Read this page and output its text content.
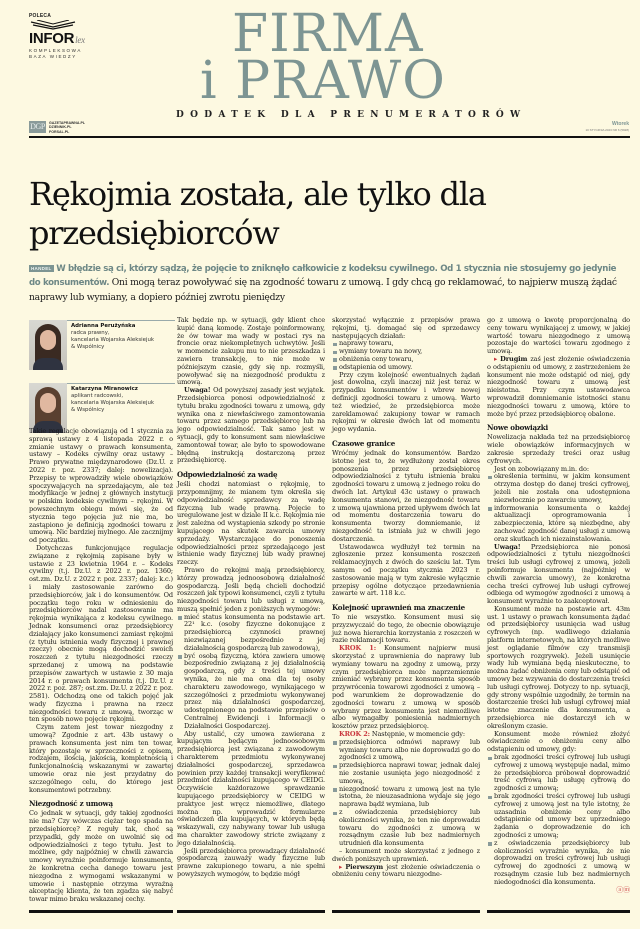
POLECA
INFORlex
KOMPLEKSOWA
BAZA WIEDZY
DGP	GAZETAPRAWNA.PL
DZIENNIK.PL
FORSAL.PL
FIRMA
i PRAWO
DODATEK DLA PRENUMERATORÓW
Wtorek
10 STYCZNIA 2023 NR 6 (5928)
Rękojmia została, ale tylko dla przedsiębiorców
HANDEL W błędzie są ci, którzy sądzą, że pojęcie to zniknęło całkowicie z kodeksu cywilnego. Od 1 stycznia nie stosujemy go jedynie do konsumentów. Oni mogą teraz powoływać się na zgodność towaru z umową. I gdy chcą go reklamować, to najpierw muszą żądać naprawy lub wymiany, a dopiero później zwrotu pieniędzy
Adrianna Perużyńska
radca prawny,
kancelaria Wojarska Aleksiejuk
& Wspólnicy
Katarzyna Miranowicz
aplikant radcowski,
kancelaria Wojarska Aleksiejuk
& Wspólnicy

Takie regulacje obowiązują od 1 stycznia za sprawą ustawy z 4 listopada 2022 r. o zmianie ustawy o prawach konsumenta, ustawy – Kodeks cywilny oraz ustawy – Prawo prywatne międzynarodowe (Dz.U. z 2022 r. poz. 2337; dalej: nowelizacja). Przepisy te wprowadziły wiele obowiązków spoczywających na sprzedającym, ale też modyfikacje w jednej z głównych instytucji w polskim kodeksie cywilnym – rękojmi. W powszechnym obiegu mówi się, że od stycznia tego pojęcia już nie ma, bo zastąpiono je definicją zgodności towaru z umową. Nic bardziej mylnego. Ale zacznijmy od początku.

Dotychczas funkcjonujące regulacje związane z rękojmią zapisane były w ustawie z 23 kwietnia 1964 r. – Kodeks cywilny (t.j. Dz.U. z 2022 r. poz. 1360; ost.zm. Dz.U. z 2022 r. poz. 2337; dalej: k.c.) i miały zastosowanie zarówno do przedsiębiorców, jak i do konsumentów. Od początku tego roku w odniesieniu do przedsiębiorców nadal zastosowanie ma rękojmia wynikająca z kodeksu cywilnego. Jednak konsumenci oraz przedsiębiorcy działający jako konsumenci zamiast rękojmi (z tytułu istnienia wady fizycznej i prawnej rzeczy) obecnie mogą dochodzić swoich roszczeń z tytułu niezgodności rzeczy sprzedanej z umową na podstawie przepisów zawartych w ustawie z 30 maja 2014 r. o prawach konsumenta (t.j. Dz.U. z 2022 r. poz. 287; ost.zm. Dz.U. z 2022 r. poz. 2581). Odchodzą one od takich pojęć jak wady fizyczna i prawna na rzecz niezgodności towaru z umową, tworząc w ten sposób nowe pojęcie rękojmi.

Czym zatem jest towar niezgodny z umową? Zgodnie z art. 43b ustawy o prawach konsumenta jest nim ten towar, który pozostaje w sprzeczności z opisem, rodzajem, ilością, jakością, kompletnością i funkcjonalnością wskazanymi w zawartej umowie oraz nie jest przydatny do szczególnego celu, do którego jest konsumentowi potrzebny.

Niezgodność z umową

Co jednak w sytuacji, gdy takiej zgodności nie ma? Czy wówczas ciężar tego spada na przedsiębiorcę? Z reguły tak, choć są przypadki, gdy może on uwolnić się od odpowiedzialności z tego tytułu. Jest to możliwe, gdy najpóźniej w chwili zawarcia umowy wyraźnie poinformuje konsumenta, że konkretna cecha danego towaru jest niezgodna z wymogami wskazanymi w umowie i następnie otrzyma wyraźną akceptację klienta, że ten zgadza się nabyć towar mimo braku wskazanej cechy.

Tak będzie np. w sytuacji, gdy klient chce kupić daną komodę. Zostaje poinformowany, że ów towar ma wady w postaci rys na froncie oraz niekompletnych uchwytów. Jeśli w momencie zakupu mu to nie przeszkadza i zawiera transakcję, to nie może w późniejszym czasie, gdy się np. rozmyśli, powoływać się na niezgodność produktu z umową.

Uwaga! Od powyższej zasady jest wyjątek. Przedsiębiorca ponosi odpowiedzialność z tytułu braku zgodności towaru z umową, gdy wynika ona z niewłaściwego zamontowania towaru przez samego przedsiębiorcę lub na jego odpowiedzialność. Tak samo jest w sytuacji, gdy to konsument sam niewłaściwe zamontował towar, ale było to spowodowane błędną instrukcją dostarczoną przez przedsiębiorcę.

Odpowiedzialność za wadę

Jeśli chodzi natomiast o rękojmię, to przypomnijmy, że mianem tym określa się odpowiedzialność sprzedawcy za wadę fizyczną lub wadę prawną. Pojęcie to uregulowane jest w dziale II k.c. Rękojmia nie jest zależna od wystąpienia szkody po stronie kupującego na skutek zawarcia umowy sprzedaży. Wystarczające do ponoszenia odpowiedzialności przez sprzedającego jest istnienie wady fizycznej lub wady prawnej rzeczy.

Prawo do rękojmi mają przedsiębiorcy, którzy prowadzą jednoosobową działalność gospodarczą. Jeśli będą chcieli dochodzić roszczeń jak typowi konsumenci, czyli z tytułu niezgodności towaru lub usługi z umową, muszą spełnić jeden z poniższych wymogów:

mieć status konsumenta na podstawie art. 22¹ k.c. (osoby fizyczne dokonujące z przedsiębiorcą czynności prawnej niezwiązanej bezpośrednio z jej działalnością gospodarczą lub zawodową),
być osobą fizyczną, która zawiera umowę bezpośrednio związaną z jej działalnością gospodarczą, gdy z treści tej umowy wynika, że nie ma ona dla tej osoby charakteru zawodowego, wynikającego w szczególności z przedmiotu wykonywanej przez nią działalności gospodarczej, udostępnionego na podstawie przepisów o Centralnej Ewidencji i Informacji o Działalności Gospodarczej.

Aby ustalić, czy umowa zawierana z kupującym będącym jednoosobowym przedsiębiorcą jest związana z zawodowym charakterem przedmiotu wykonywanej działalności gospodarczej, sprzedawca powinien przy każdej transakcji weryfikować przedmiot działalności kupującego w CEIDG. Oczywiście każdorazowe sprawdzanie kupującego przedsiębiorcy w CEIDG w praktyce jest wręcz niemożliwe, dlatego można np. wprowadzić formularze oświadczeń dla kupujących, w których będą wskazywali, czy nabywany towar lub usługa ma charakter zawodowy stricte związany z jego działalnością.

Jeśli przedsiębiorca prowadzący działalność gospodarczą zauważy wady fizyczne lub prawne zakupionego towaru, a nie spełni powyższych wymogów, to będzie mógł

skorzystać wyłącznie z przepisów prawa rękojmi, tj. domagać się od sprzedawcy następujących działań:

naprawy towaru,
wymiany towaru na nowy,
obniżenia ceny towaru,
odstąpienia od umowy.

Przy czym kolejność ewentualnych żądań jest dowolna, czyli inaczej niż jest teraz w przypadku konsumentów i wbrew nowej definicji zgodności towaru z umową. Warto też wiedzieć, że przedsiębiorca może zareklamować zakupiony towar w ramach rękojmi w okresie dwóch lat od momentu jego wydania.

Czasowe granice

Wróćmy jednak do konsumentów. Bardzo istotne jest to, że wydłużony został okres ponoszenia przez przedsiębiorcę odpowiedzialności z tytułu istnienia braku zgodności towaru z umową z jednego roku do dwóch lat. Artykuł 43c ustawy o prawach konsumenta stanowi, że niezgodność towaru z umową ujawniona przed upływem dwóch lat od momentu dostarczenia towaru do konsumenta tworzy domniemanie, iż niezgodność ta istniała już w chwili jego dostarczenia.

Ustawodawca wydłużył też termin na zgłoszenie przez konsumenta roszczeń reklamacyjnych z dwóch do sześciu lat. Tym samym od początku stycznia 2023 r. zastosowanie mają w tym zakresie wyłącznie przepisy ogólne dotyczące przedawnienia zawarte w art. 118 k.c.

Kolejność uprawnień ma znaczenie

To nie wszystko. Konsument musi się przyzwyczaić do tego, że obecnie obowiązuje już nowa hierarchia korzystania z roszczeń w razie reklamacji towaru.

KROK 1: Konsument najpierw musi skorzystać z uprawnienia do naprawy lub wymiany towaru na zgodny z umową, przy czym przedsiębiorca może naprzemiennie zmieniać wybrany przez konsumenta sposób przywrócenia towarowi zgodności z umową – pod warunkiem że doprowadzenie do zgodności towaru z umową w sposób wybrany przez konsumenta jest niemożliwe albo wymagałby poniesienia nadmiernych kosztów przez przedsiębiorcę.

KROK 2: Następnie, w momencie gdy:

przedsiębiorca odmówi naprawy lub wymiany towaru albo nie doprowadzi go do zgodności z umową,
przedsiębiorca naprawi towar, jednak dalej nie zostanie usunięta jego niezgodność z umową,
niezgodność towaru z umową jest na tyle istotna, że nieuzasadniona wydaje się jego naprawa bądź wymiana, lub
z oświadczenia przedsiębiorcy lub okoliczności wynika, że ten nie doprowadzi towaru do zgodności z umową w rozsądnym czasie lub bez nadmiernych utrudnień dla konsumenta

– konsument może skorzystać z jednego z dwóch poniższych uprawnień.

▸ Pierwszym jest złożenie oświadczenia o obniżeniu ceny towaru niezgodne-

go z umową o kwotę proporcjonalną do ceny towaru wynikającej z umowy, w jakiej wartość towaru niezgodnego z umową pozostaje do wartości towaru zgodnego z umową.

▸ Drugim zaś jest złożenie oświadczenia o odstąpieniu od umowy, z zastrzeżeniem że konsument nie może odstąpić od niej, gdy niezgodność towaru z umową jest nieistotna. Przy czym ustawodawca wprowadził domniemanie istotności stanu niezgodności towaru z umową, które to może być przez przedsiębiorcę obalone.

Nowe obowiązki

Nowelizacja nakłada też na przedsiębiorcę wiele obowiązków informacyjnych w zakresie sprzedaży treści oraz usług cyfrowych.

Jest on zobowiązany m.in. do:

określenia terminu, w jakim konsument otrzyma dostęp do danej treści cyfrowej, jeżeli nie została ona udostępniona niezwłocznie po zawarciu umowy,
informowania konsumenta o każdej aktualizacji oprogramowania i zabezpieczenia, które są niezbędne, aby zachować zgodność danej usługi z umową oraz skutkach ich niezainstalowania.

Uwaga! Przedsiębiorca nie ponosi odpowiedzialności z tytułu niezgodności treści lub usługi cyfrowej z umową, jeżeli poinformuje konsumenta (najpóźniej w chwili zawarcia umowy), że konkretna cecha treści cyfrowej lub usługi cyfrowej odbiega od wymogów zgodności z umową a konsument wyraźnie to zaakceptował.

Konsument może na postawie art. 43m ust. 1 ustawy o prawach konsumenta żądać od przedsiębiorcy usunięcia wad usług cyfrowych (np. wadliwego działania platform internetowych, na których możliwe jest oglądanie filmów czy transmisji sportowych rozgrywek). Jeżeli usunięcie wady lub wymiana będą nieskuteczne, to można żądać obniżenia ceny lub odstąpić od umowy bez wzywania do dostarczenia treści lub usługi cyfrowej. Dotyczy to np. sytuacji, gdy strony wspólnie uzgodniły, że termin na dostarczenie treści lub usługi cyfrowej miał istotne znaczenie dla konsumenta, a przedsiębiorca nie dostarczył ich w określonym czasie.

Konsument może również złożyć oświadczenie o obniżeniu ceny albo odstąpieniu od umowy, gdy:

brak zgodności treści cyfrowej lub usługi cyfrowej z umową występuje nadal, mimo że przedsiębiorca próbował doprowadzić treść cyfrową lub usługę cyfrową do zgodności z umową;
brak zgodności treści cyfrowej lub usługi cyfrowej z umową jest na tyle istotny, że uzasadnia obniżenie ceny albo odstąpienie od umowy bez uprzedniego żądania o doprowadzenie do ich zgodności z umową;
z oświadczenia przedsiębiorcy lub okoliczności wyraźnie wynika, że nie doprowadzi on treści cyfrowej lub usługi cyfrowej do zgodności z umową w rozsądnym czasie lub bez nadmiernych niedogodności dla konsumenta.
ⓐⓜ
